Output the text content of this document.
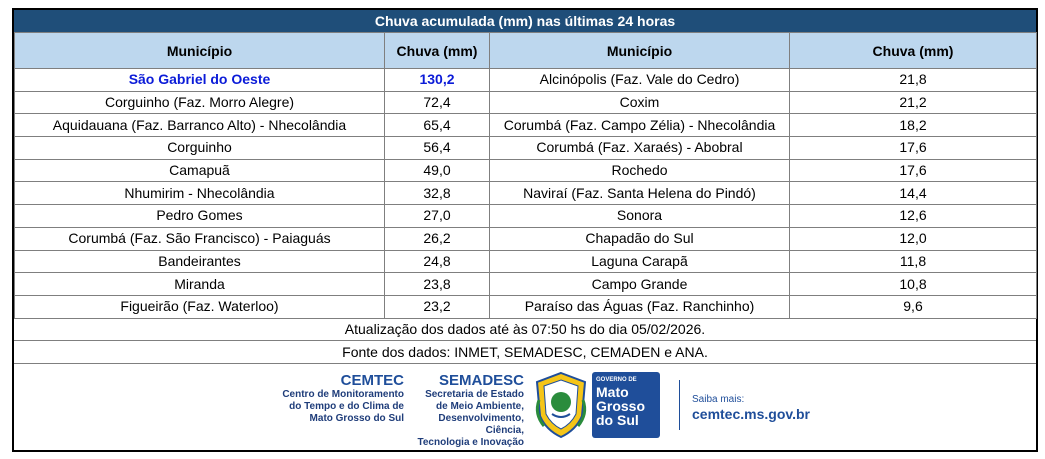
Chuva acumulada (mm) nas últimas 24 horas
Município	Chuva (mm)	Município	Chuva (mm)
São Gabriel do Oeste	130,2	Alcinópolis (Faz. Vale do Cedro)	21,8
Corguinho (Faz. Morro Alegre)	72,4	Coxim	21,2
Aquidauana (Faz. Barranco Alto) - Nhecolândia	65,4	Corumbá (Faz. Campo Zélia) - Nhecolândia	18,2
Corguinho	56,4	Corumbá (Faz. Xaraés) - Abobral	17,6
Camapuã	49,0	Rochedo	17,6
Nhumirim - Nhecolândia	32,8	Naviraí (Faz. Santa Helena do Pindó)	14,4
Pedro Gomes	27,0	Sonora	12,6
Corumbá (Faz. São Francisco) - Paiaguás	26,2	Chapadão do Sul	12,0
Bandeirantes	24,8	Laguna Carapã	11,8
Miranda	23,8	Campo Grande	10,8
Figueirão (Faz. Waterloo)	23,2	Paraíso das Águas (Faz. Ranchinho)	9,6
Atualização dos dados até às 07:50 hs do dia 05/02/2026.
Fonte dos dados: INMET, SEMADESC, CEMADEN e ANA.
CEMTEC
Centro de Monitoramento
do Tempo e do Clima de
Mato Grosso do Sul
SEMADESC
Secretaria de Estado
de Meio Ambiente,
Desenvolvimento, Ciência,
Tecnologia e Inovação
GOVERNO DE
Mato
Grosso
do Sul
Saiba mais:
cemtec.ms.gov.br
